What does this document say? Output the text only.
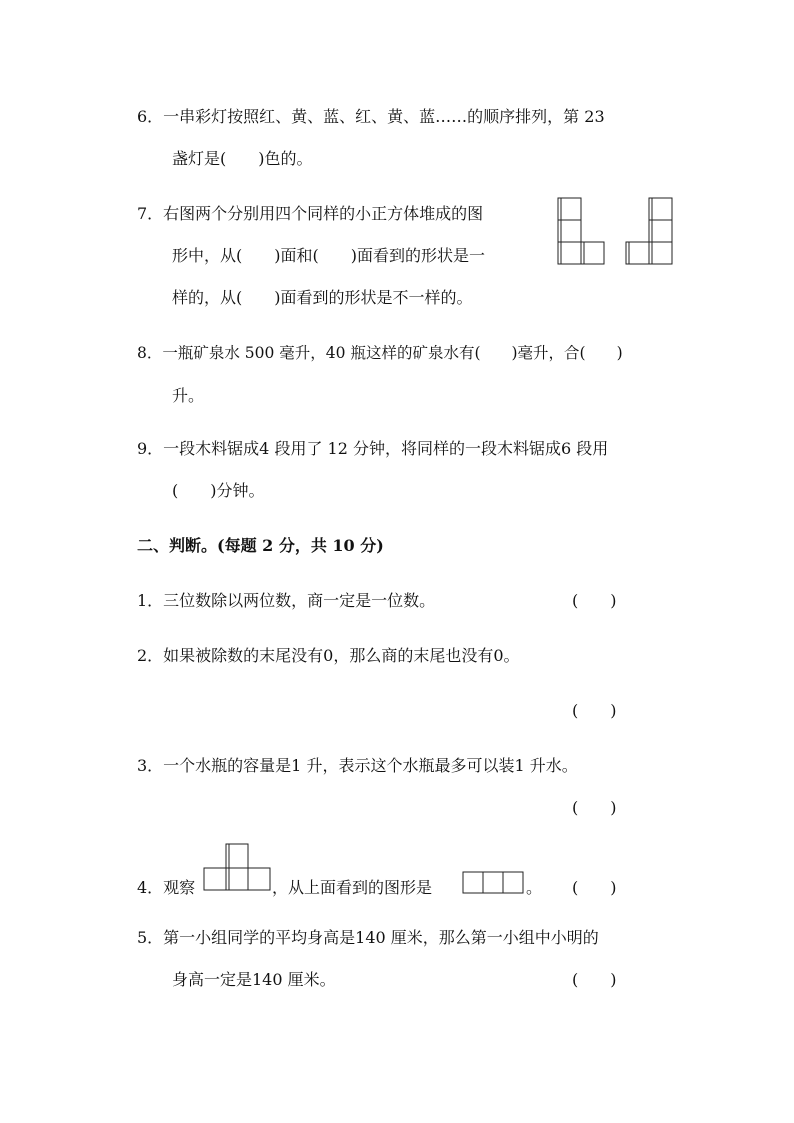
6．一串彩灯按照红、黄、蓝、红、黄、蓝……的顺序排列，第 23
盏灯是(　　)色的。
7．右图两个分别用四个同样的小正方体堆成的图
形中，从(　　)面和(　　)面看到的形状是一
样的，从(　　)面看到的形状是不一样的。
8．一瓶矿泉水 500 毫升，40 瓶这样的矿泉水有(　　)毫升，合(　　)
升。
9．一段木料锯成4 段用了 12 分钟，将同样的一段木料锯成6 段用
(　　)分钟。
二、判断。(每题 2 分，共 10 分)
1．三位数除以两位数，商一定是一位数。	(　　)
2．如果被除数的末尾没有0，那么商的末尾也没有0。
(　　)
3．一个水瓶的容量是1 升，表示这个水瓶最多可以装1 升水。
(　　)
4．观察	，从上面看到的图形是	。 (　　)
5．第一小组同学的平均身高是140 厘米，那么第一小组中小明的
身高一定是140 厘米。	(　　)
